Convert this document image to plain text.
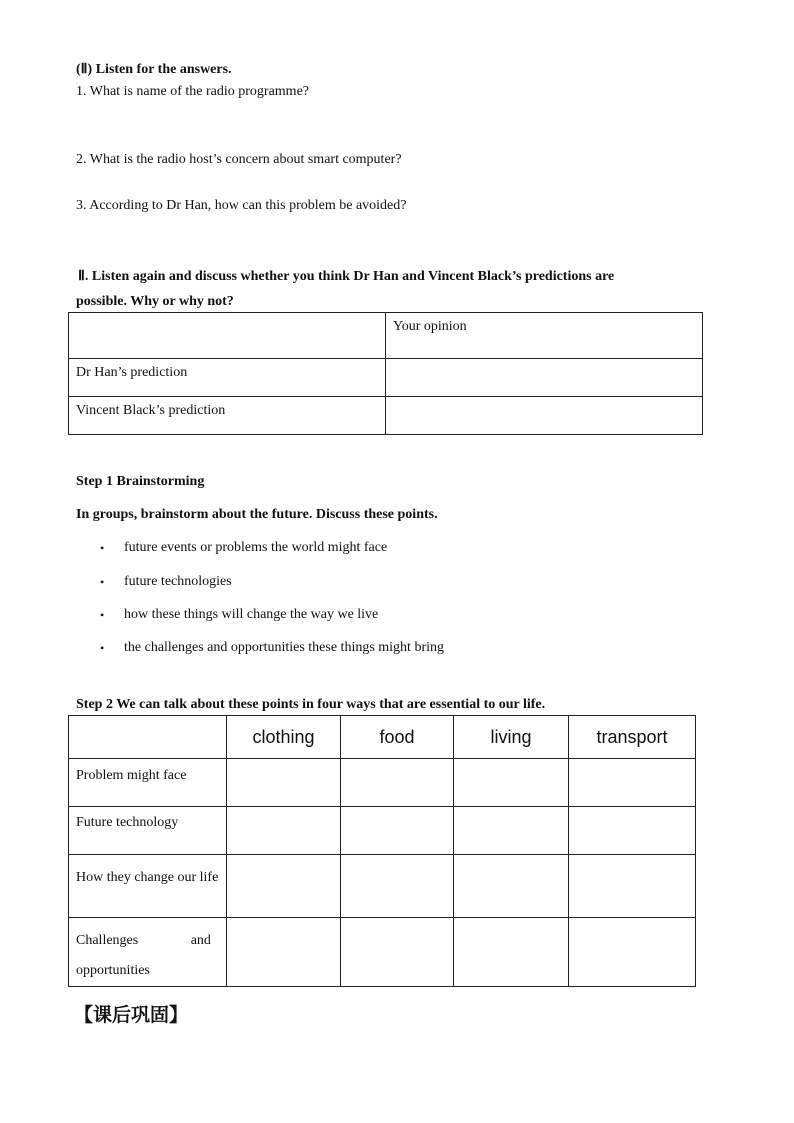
(Ⅱ) Listen for the answers.
1. What is name of the radio programme?
2. What is the radio host’s concern about smart computer?
3. According to Dr Han, how can this problem be avoided?
Ⅱ. Listen again and discuss whether you think Dr Han and Vincent Black’s predictions are
possible. Why or why not?
	Your opinion
Dr Han’s prediction	
Vincent Black’s prediction	
Step 1 Brainstorming
In groups, brainstorm about the future. Discuss these points.
• future events or problems the world might face
• future technologies
• how these things will change the way we live
• the challenges and opportunities these things might bring
Step 2 We can talk about these points in four ways that are essential to our life.
	clothing	food	living	transport
Problem might face				
Future technology				
How they change our life				
Challenges               and opportunities				
【课后巩固】
